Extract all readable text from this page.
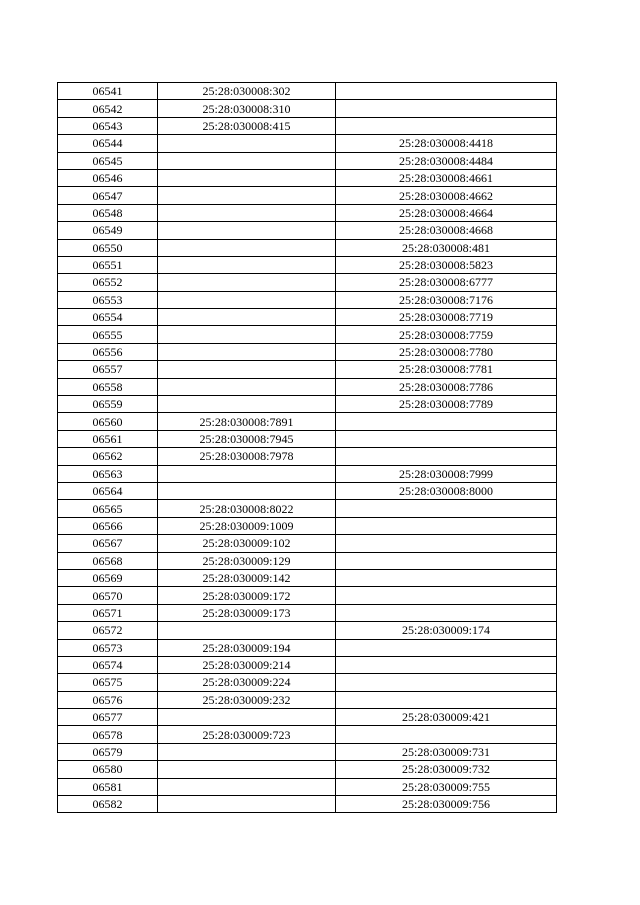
06541	25:28:030008:302	
06542	25:28:030008:310	
06543	25:28:030008:415	
06544		25:28:030008:4418
06545		25:28:030008:4484
06546		25:28:030008:4661
06547		25:28:030008:4662
06548		25:28:030008:4664
06549		25:28:030008:4668
06550		25:28:030008:481
06551		25:28:030008:5823
06552		25:28:030008:6777
06553		25:28:030008:7176
06554		25:28:030008:7719
06555		25:28:030008:7759
06556		25:28:030008:7780
06557		25:28:030008:7781
06558		25:28:030008:7786
06559		25:28:030008:7789
06560	25:28:030008:7891	
06561	25:28:030008:7945	
06562	25:28:030008:7978	
06563		25:28:030008:7999
06564		25:28:030008:8000
06565	25:28:030008:8022	
06566	25:28:030009:1009	
06567	25:28:030009:102	
06568	25:28:030009:129	
06569	25:28:030009:142	
06570	25:28:030009:172	
06571	25:28:030009:173	
06572		25:28:030009:174
06573	25:28:030009:194	
06574	25:28:030009:214	
06575	25:28:030009:224	
06576	25:28:030009:232	
06577		25:28:030009:421
06578	25:28:030009:723	
06579		25:28:030009:731
06580		25:28:030009:732
06581		25:28:030009:755
06582		25:28:030009:756
